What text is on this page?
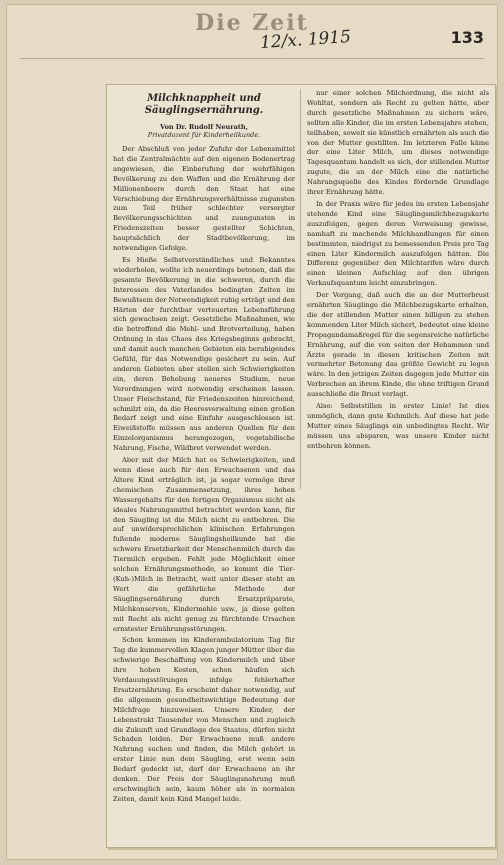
Die Zeit
12/x. 1915	133
Milchknappheit und Säuglingsernährung.
Von Dr. Rudolf Neurath,
Privatdozent für Kinderheilkunde.

Der Abschluß von jeder Zufuhr der Lebensmittel hat die Zentralmächte auf den eigenen Bodenertrag angewiesen, die Einberufung der wehrfähigen Bevölkerung zu den Waffen und die Ernährung der Millionenheere durch den Staat hat eine Verschiebung der Ernährungsverhältnisse zugunsten zum Teil früher schlechter versorgter Bevölkerungsschichten und zuungunsten in Friedenszeiten besser gestellter Schichten, hauptsächlich der Stadtbevölkerung, im notwendigen Gefolge.

Es Hieße Selbstverständliches und Bekanntes wiederholen, wollte ich neuerdings betonen, daß die gesamte Bevölkerung in die schweren, durch die Interessen des Vaterlandes bedingten Zeiten im Bewußtsein der Notwendigkeit ruhig erträgt und den Härten der furchtbar verteuerten Lebensführung sich gewachsen zeigt. Gesetzliche Maßnahmen, wie die betreffend die Mehl- und Brotverteilung, haben Ordnung in das Chaos des Kriegsbeginns gebracht, und damit auch manchen Gebieten ein beruhigendes Gefühl, für das Notwendige gesichert zu sein. Auf anderen Gebieten aber stellen sich Schwierigkeiten ein, deren Behebung neueres Studium, neue Verordnungen wird notwendig erscheinen lassen. Unser Fleischstand, für Friedenszeiten hinreichend, schmilzt ein, da die Heeresverwaltung einen großen Bedarf zeigt und eine Einfuhr ausgeschlossen ist. Eiweißstoffe müssen aus anderen Quellen für den Einzelorganismus herangezogen, vegetabilische Nahrung, Fische, Wildbret verwendet werden.

Aber mit der Milch hat es Schwierigkeiten, und wenn diese auch für den Erwachsenen und das Ältere Kind erträglich ist, ja sogar vermöge ihrer chemischen Zusammensetzung, ihres hohen Wassergehalts für den fertigen Organismus nicht als ideales Nahrungsmittel betrachtet werden kann, für den Säugling ist die Milch nicht zu entbehren. Die auf unwidersprechlichen klinischen Erfahrungen fußende moderne Säuglingsheilkunde hat die schwere Ersetzbarkeit der Menschenmilch durch die Tiermilch ergeben. Fehlt jede Möglichkeit einer solchen Ernährungsmethode, so kommt die Tier-(Kuh-)Milch in Betracht, weit unter dieser steht an Wert die gefährliche Methode der Säuglingsernährung durch Ersatzpräparate, Milchkonserven, Kindermehle usw., ja diese gelten mit Recht als nicht genug zu fürchtende Ursachen ernstester Ernährungsstörungen.

Schon kommen im Kinderambulatorium Tag für Tag die kummervollen Klagen junger Mütter über die schwierige Beschaffung von Kindermilch und über ihre hohen Kosten, schon häufen sich Verdauungsstörungen infolge fehlerhafter Ersatzernährung. Es erscheint daher notwendig, auf die allgemein gesundheitswichtige Bedeutung der Milchfrage hinzuweisen. Unsere Kinder, der Lebenstrakt Tausender von Menschen und zugleich die Zukunft und Grundlage des Staates, dürfen nicht Schaden leiden. Der Erwachsene muß andere Nahrung suchen und finden, die Milch gehört in erster Linie nun dem Säugling, erst wenn sein Bedarf gedeckt ist, darf der Erwachsene an ihr denken. Der Preis der Säuglingsnahrung muß erschwinglich sein, kaum höher als in normalen Zeiten, damit kein Kind Mangel leide.

nur einer solchen Milchordnung, die nicht als Wohltat, sondern als Recht zu gelten hätte, aber durch gesetzliche Maßnahmen zu sichern wäre, sollten alle Kinder, die im ersten Lebensjahre stehen, teilhaben, soweit sie künstlich ernährten als auch die von der Mutter gestillten. Im letzteren Falle käme der eine Liter Milch, um dieses notwendige Tagesquantum handelt es sich, der stillenden Mutter zugute, die an der Milch eine die natürliche Nahrungsquelle des Kindes fördernde Grundlage ihrer Ernährung hätte.

In der Praxis wäre für jedes im ersten Lebensjahr stehende Kind eine Säuglingsmilchbezugskarte auszufolgen, gegen deren Vorweisung gewisse, namhaft zu machende Milchhandlungen für einen bestimmten, niedrigst zu bemessenden Preis pro Tag einen Liter Kindermilch auszufolgen hätten. Die Differenz gegenüber den Milchtarifen wäre durch einen kleinen Aufschlag auf den übrigen Verkaufsquantum leicht einzubringen.

Der Vorgang, daß auch die an der Mutterbrust ernährten Säuglinge die Milchbezugskarte erhalten, die der stillenden Mutter einen billigen zu stehen kommenden Liter Milch sichert, bedeutet eine kleine Propagandamaßregel für die segensreiche natürliche Ernährung, auf die von seiten der Hebammen und Ärzte gerade in diesen kritischen Zeiten mit vermehrter Betonung das größte Gewicht zu legen wäre. In den jetzigen Zeiten dagegen jede Mutter ein Verbrechen an ihrem Kinde, die ohne triftigen Grund ausschließe die Brust verlagt.

Also: Selbststillen in erster Linie! Ist dies unmöglich, dann gute Kuhmilch. Auf diese hat jede Mutter eines Säuglings ein unbedingtes Recht. Wir müssen uns absparen, was unsere Kinder nicht entbehren können.
